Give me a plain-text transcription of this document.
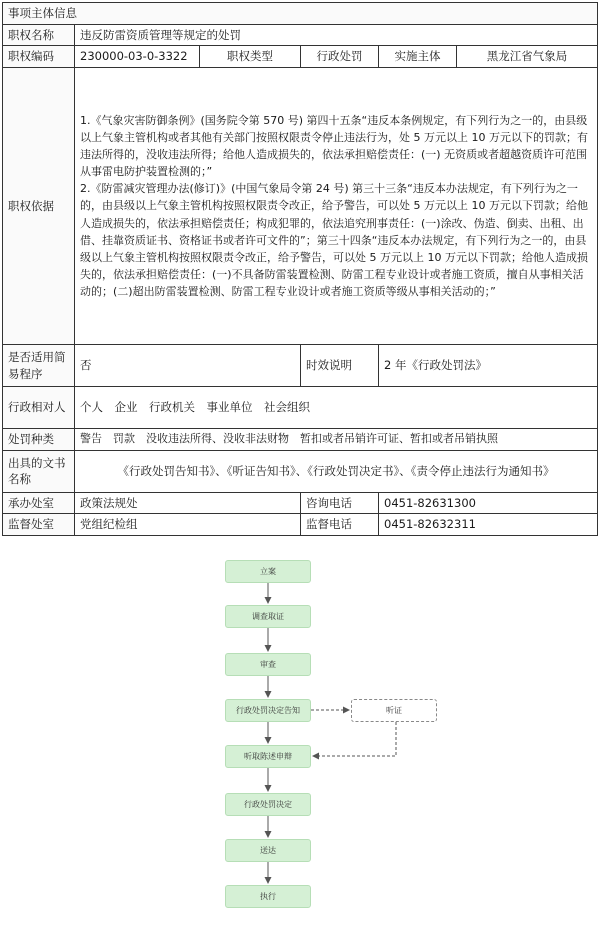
事项主体信息					
职权名称	违反防雷资质管理等规定的处罚				
职权编码	230000-03-0-3322	职权类型	行政处罚	实施主体	黑龙江省气象局
职权依据	1.《气象灾害防御条例》(国务院令第 570 号) 第四十五条“违反本条例规定，有下列行为之一的，由县级以上气象主管机构或者其他有关部门按照权限责令停止违法行为，处 5 万元以上 10 万元以下的罚款；有违法所得的，没收违法所得；给他人造成损失的，依法承担赔偿责任：(一) 无资质或者超越资质许可范围从事雷电防护装置检测的；”

2.《防雷减灾管理办法(修订)》(中国气象局令第 24 号) 第三十三条“违反本办法规定，有下列行为之一的，由县级以上气象主管机构按照权限责令改正，给予警告，可以处 5 万元以上 10 万元以下罚款；给他人造成损失的，依法承担赔偿责任；构成犯罪的，依法追究刑事责任：(一)涂改、伪造、倒卖、出租、出借、挂靠资质证书、资格证书或者许可文件的”；第三十四条“违反本办法规定，有下列行为之一的，由县级以上气象主管机构按照权限责令改正，给予警告，可以处 5 万元以上 10 万元以下罚款；给他人造成损失的，依法承担赔偿责任：(一)不具备防雷装置检测、防雷工程专业设计或者施工资质，擅自从事相关活动的；(二)超出防雷装置检测、防雷工程专业设计或者施工资质等级从事相关活动的；”				

是否适用简易程序	否		时效说明	2 年《行政处罚法》	
行政相对人	个人　企业　行政机关　事业单位　社会组织				
处罚种类	警告　罚款　没收违法所得、没收非法财物　暂扣或者吊销许可证、暂扣或者吊销执照				
出具的文书名称	《行政处罚告知书》、《听证告知书》、《行政处罚决定书》、《责令停止违法行为通知书》				
承办处室	政策法规处		咨询电话	0451-82631300	
监督处室	党组纪检组		监督电话	0451-82632311	
立案
调查取证
审查
行政处罚决定告知	听证
听取陈述申辩
行政处罚决定
送达
执行
